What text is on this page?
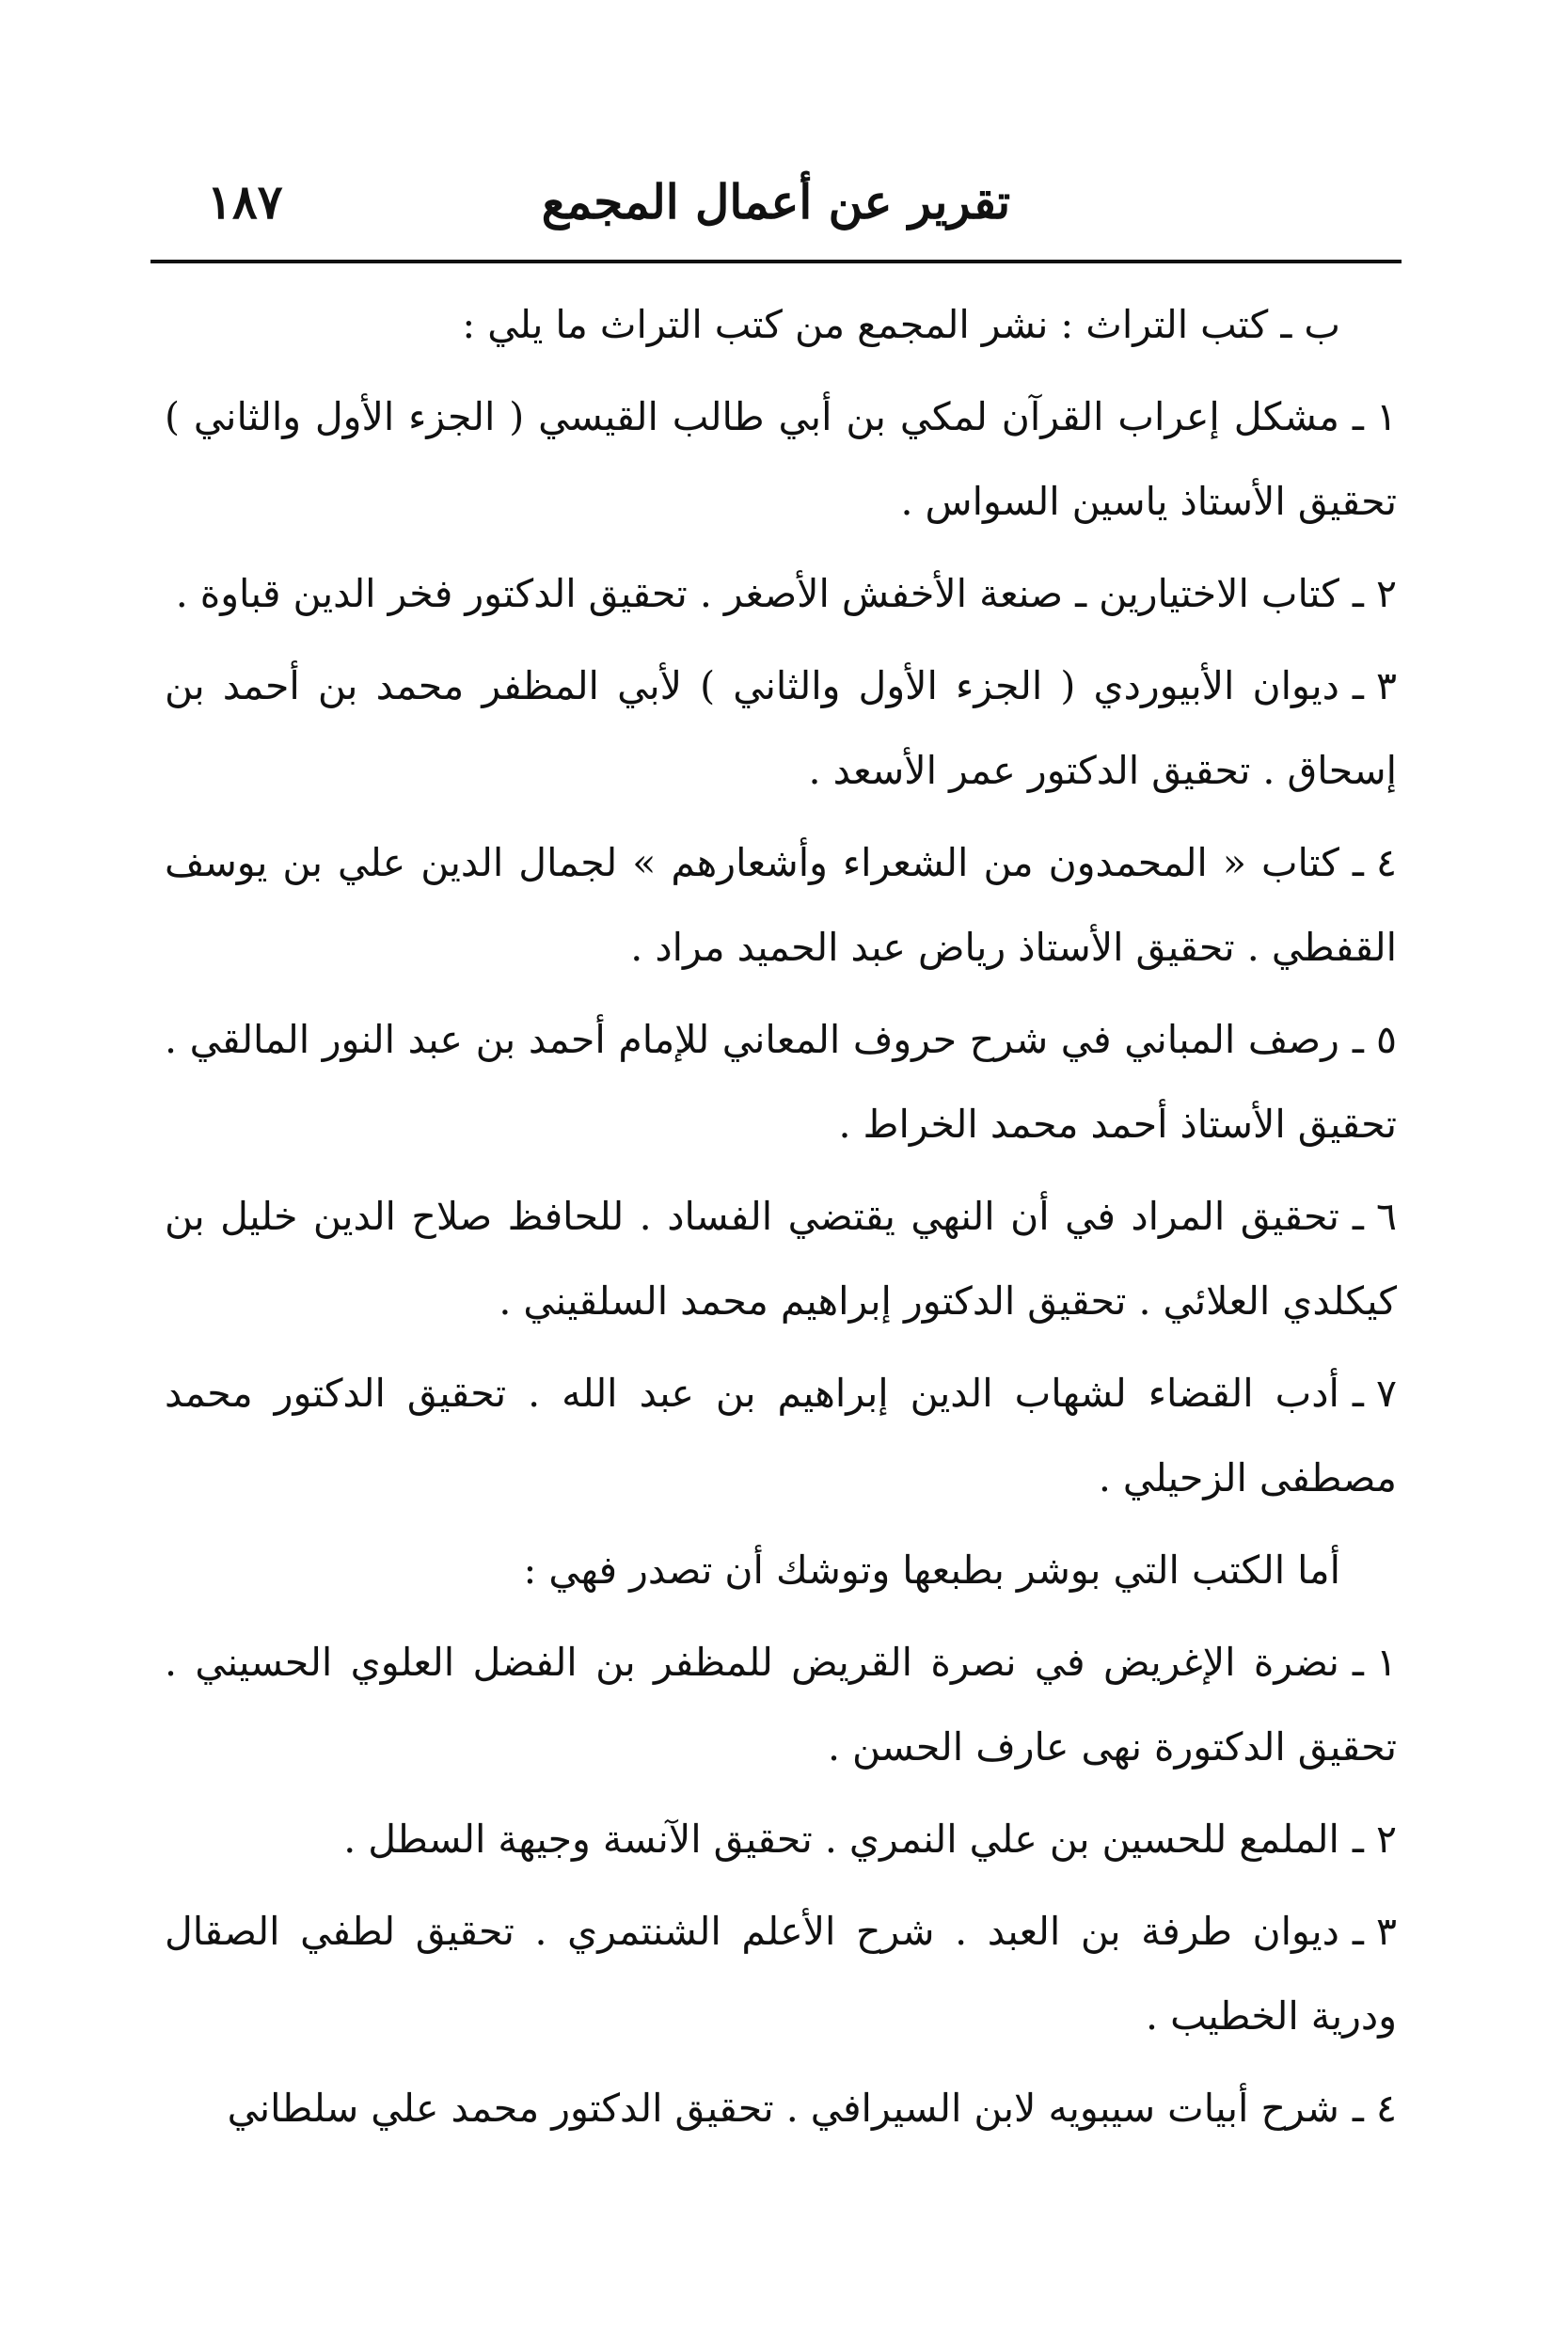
تقرير عن أعمال المجمع
١٨٧

ب ـ كتب التراث : نشر المجمع من كتب التراث ما يلي :

١ ـمشكل إعراب القرآن لمكي بن أبي طالب القيسي ( الجزء الأول والثاني ) تحقيق الأستاذ ياسين السواس .

٢ ـكتاب الاختيارين ـ صنعة الأخفش الأصغر . تحقيق الدكتور فخر الدين قباوة .

٣ ـديوان الأبيوردي ( الجزء الأول والثاني ) لأبي المظفر محمد بن أحمد بن إسحاق . تحقيق الدكتور عمر الأسعد .

٤ ـكتاب « المحمدون من الشعراء وأشعارهم » لجمال الدين علي بن يوسف القفطي . تحقيق الأستاذ رياض عبد الحميد مراد .

٥ ـرصف المباني في شرح حروف المعاني للإمام أحمد بن عبد النور المالقي . تحقيق الأستاذ أحمد محمد الخراط .

٦ ـتحقيق المراد في أن النهي يقتضي الفساد . للحافظ صلاح الدين خليل بن كيكلدي العلائي . تحقيق الدكتور إبراهيم محمد السلقيني .

٧ ـأدب القضاء لشهاب الدين إبراهيم بن عبد الله . تحقيق الدكتور محمد مصطفى الزحيلي .

أما الكتب التي بوشر بطبعها وتوشك أن تصدر فهي :

١ ـنضرة الإغريض في نصرة القريض للمظفر بن الفضل العلوي الحسيني . تحقيق الدكتورة نهى عارف الحسن .

٢ ـالملمع للحسين بن علي النمري . تحقيق الآنسة وجيهة السطل .

٣ ـديوان طرفة بن العبد . شرح الأعلم الشنتمري . تحقيق لطفي الصقال ودرية الخطيب .

٤ ـشرح أبيات سيبويه لابن السيرافي . تحقيق الدكتور محمد علي سلطاني
